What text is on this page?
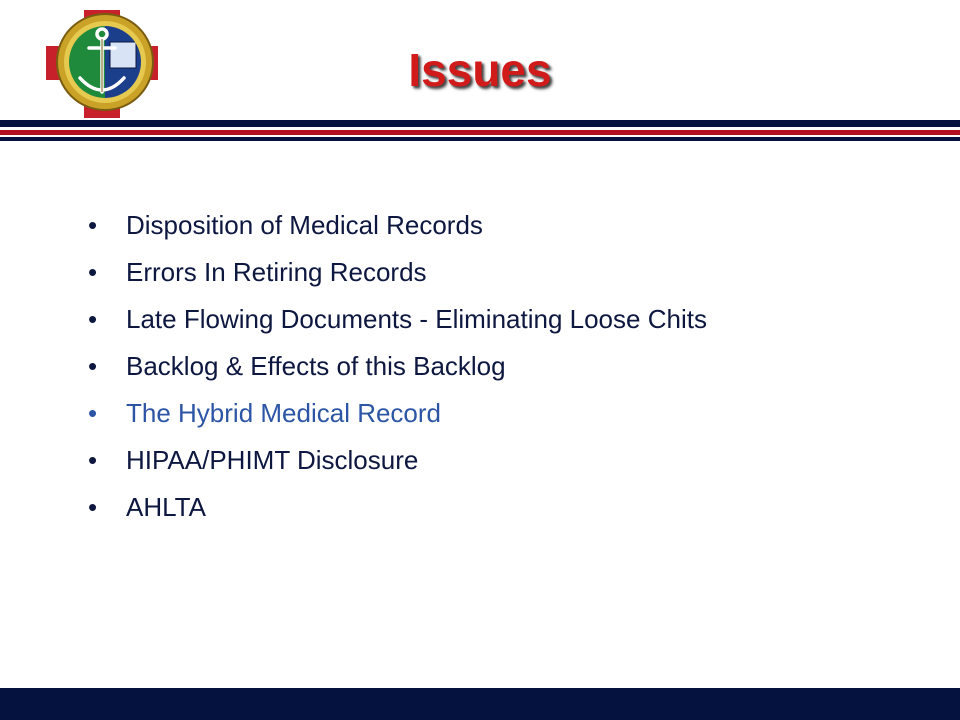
Issues
• Disposition of Medical Records
• Errors In Retiring Records
• Late Flowing Documents - Eliminating Loose Chits
• Backlog & Effects of this Backlog
• The Hybrid Medical Record
• HIPAA/PHIMT Disclosure
• AHLTA
